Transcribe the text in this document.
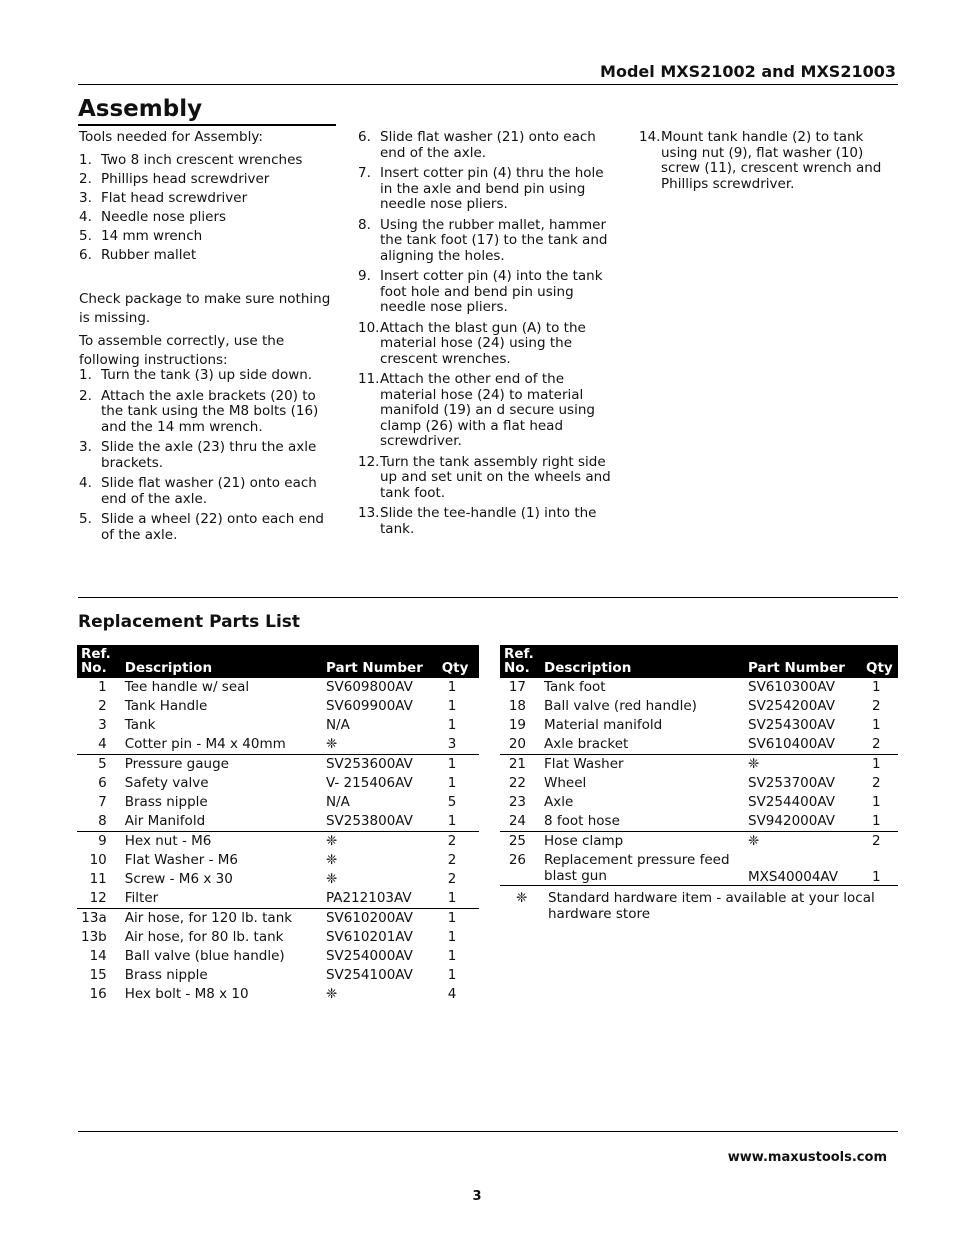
Model MXS21002 and MXS21003
Assembly

Tools needed for Assembly:

1. Two 8 inch crescent wrenches
2. Phillips head screwdriver
3. Flat head screwdriver
4. Needle nose pliers
5. 14 mm wrench
6. Rubber mallet

Check package to make sure nothing is missing.

To assemble correctly, use the following instructions:

1. Turn the tank (3) up side down.
2. Attach the axle brackets (20) to the tank using the M8 bolts (16) and the 14 mm wrench.
3. Slide the axle (23) thru the axle brackets.
4. Slide flat washer (21) onto each end of the axle.
5. Slide a wheel (22) onto each end of the axle.
6. Slide flat washer (21) onto each end of the axle.
7. Insert cotter pin (4) thru the hole in the axle and bend pin using needle nose pliers.
8. Using the rubber mallet, hammer the tank foot (17) to the tank and aligning the holes.
9. Insert cotter pin (4) into the tank foot hole and bend pin using needle nose pliers.
10. Attach the blast gun (A) to the material hose (24) using the crescent wrenches.
11. Attach the other end of the material hose (24) to material manifold (19) an d secure using clamp (26) with a flat head screwdriver.
12. Turn the tank assembly right side up and set unit on the wheels and tank foot.
13. Slide the tee-handle (1) into the tank.
14. Mount tank handle (2) to tank using nut (9), flat washer (10) screw (11), crescent wrench and Phillips screwdriver.
Replacement Parts List
Ref.
No.	Description	Part Number	Qty
1	Tee handle w/ seal	SV609800AV	1
2	Tank Handle	SV609900AV	1
3	Tank	N/A	1
4	Cotter pin - M4 x 40mm	❈	3
5	Pressure gauge	SV253600AV	1
6	Safety valve	V- 215406AV	1
7	Brass nipple	N/A	5
8	Air Manifold	SV253800AV	1
9	Hex nut - M6	❈	2
10	Flat Washer - M6	❈	2
11	Screw - M6 x 30	❈	2
12	Filter	PA212103AV	1
13a	Air hose, for 120 lb. tank	SV610200AV	1
13b	Air hose, for 80 lb. tank	SV610201AV	1
14	Ball valve (blue handle)	SV254000AV	1
15	Brass nipple	SV254100AV	1
16	Hex bolt - M8 x 10	❈	4
Ref.
No.	Description	Part Number	Qty
17	Tank foot	SV610300AV	1
18	Ball valve (red handle)	SV254200AV	2
19	Material manifold	SV254300AV	1
20	Axle bracket	SV610400AV	2
21	Flat Washer	❈	1
22	Wheel	SV253700AV	2
23	Axle	SV254400AV	1
24	8 foot hose	SV942000AV	1
25	Hose clamp	❈	2
26	Replacement pressure feed blast gun	MXS40004AV	1
❈	Standard hardware item - available at your local hardware store
www.maxustools.com
3
